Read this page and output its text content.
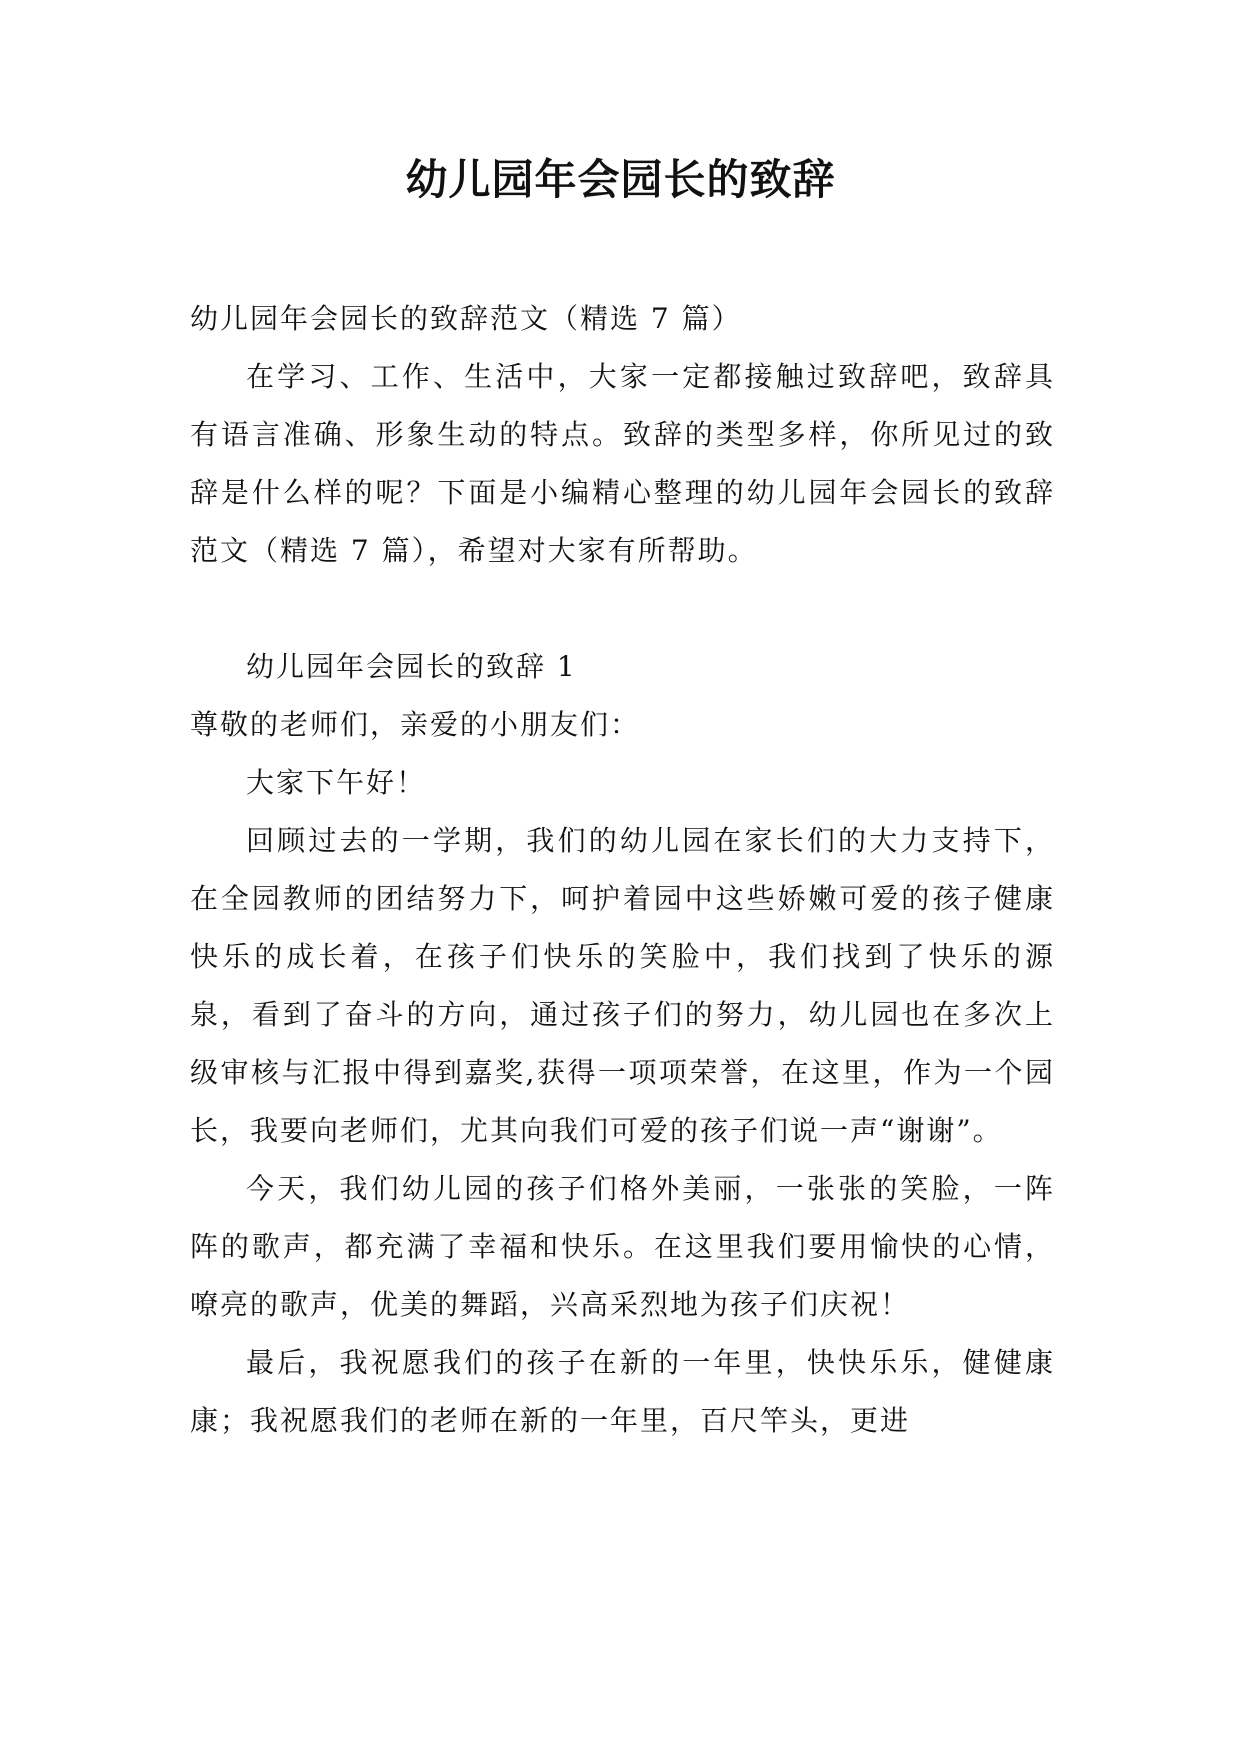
幼儿园年会园长的致辞

幼儿园年会园长的致辞范文（精选 7 篇）

在学习、工作、生活中，大家一定都接触过致辞吧，致辞具有语言准确、形象生动的特点。致辞的类型多样，你所见过的致辞是什么样的呢？下面是小编精心整理的幼儿园年会园长的致辞范文（精选 7 篇），希望对大家有所帮助。

幼儿园年会园长的致辞 1

尊敬的老师们，亲爱的小朋友们：

大家下午好！

回顾过去的一学期，我们的幼儿园在家长们的大力支持下，在全园教师的团结努力下，呵护着园中这些娇嫩可爱的孩子健康快乐的成长着，在孩子们快乐的笑脸中，我们找到了快乐的源泉，看到了奋斗的方向，通过孩子们的努力，幼儿园也在多次上级审核与汇报中得到嘉奖,获得一项项荣誉，在这里，作为一个园长，我要向老师们，尤其向我们可爱的孩子们说一声“谢谢”。

今天，我们幼儿园的孩子们格外美丽，一张张的笑脸，一阵阵的歌声，都充满了幸福和快乐。在这里我们要用愉快的心情，嘹亮的歌声，优美的舞蹈，兴高采烈地为孩子们庆祝！

最后，我祝愿我们的孩子在新的一年里，快快乐乐，健健康康；我祝愿我们的老师在新的一年里，百尺竿头，更进
